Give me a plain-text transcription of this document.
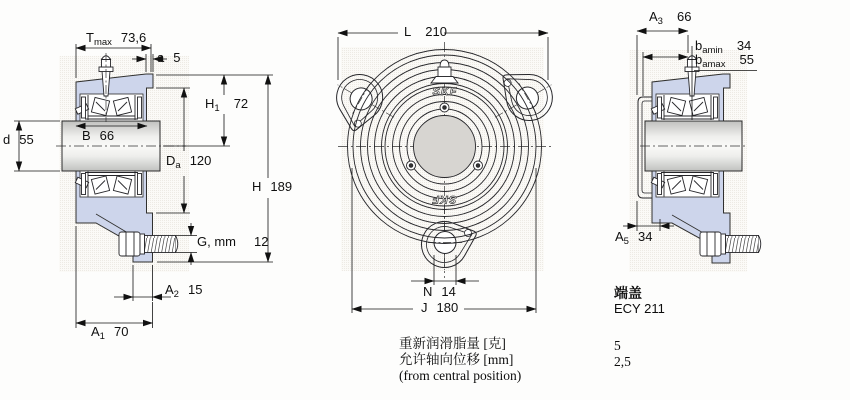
SKF
SKF
$T_{max}$ 73,6
a 5
$H_1$ 72
d 55	B 66
$D_a$ 120
H 189
G, mm 12
$A_2$ 15
$A_1$ 70
L 210
N 14
J 180
$A_3$ 66
$b_{amin}$ 34
$b_{amax}$ 55
$A_5$ 34
端盖
ECY 211
重新润滑脂量 [克]	5
允许轴向位移 [mm]	2,5
(from central position)
